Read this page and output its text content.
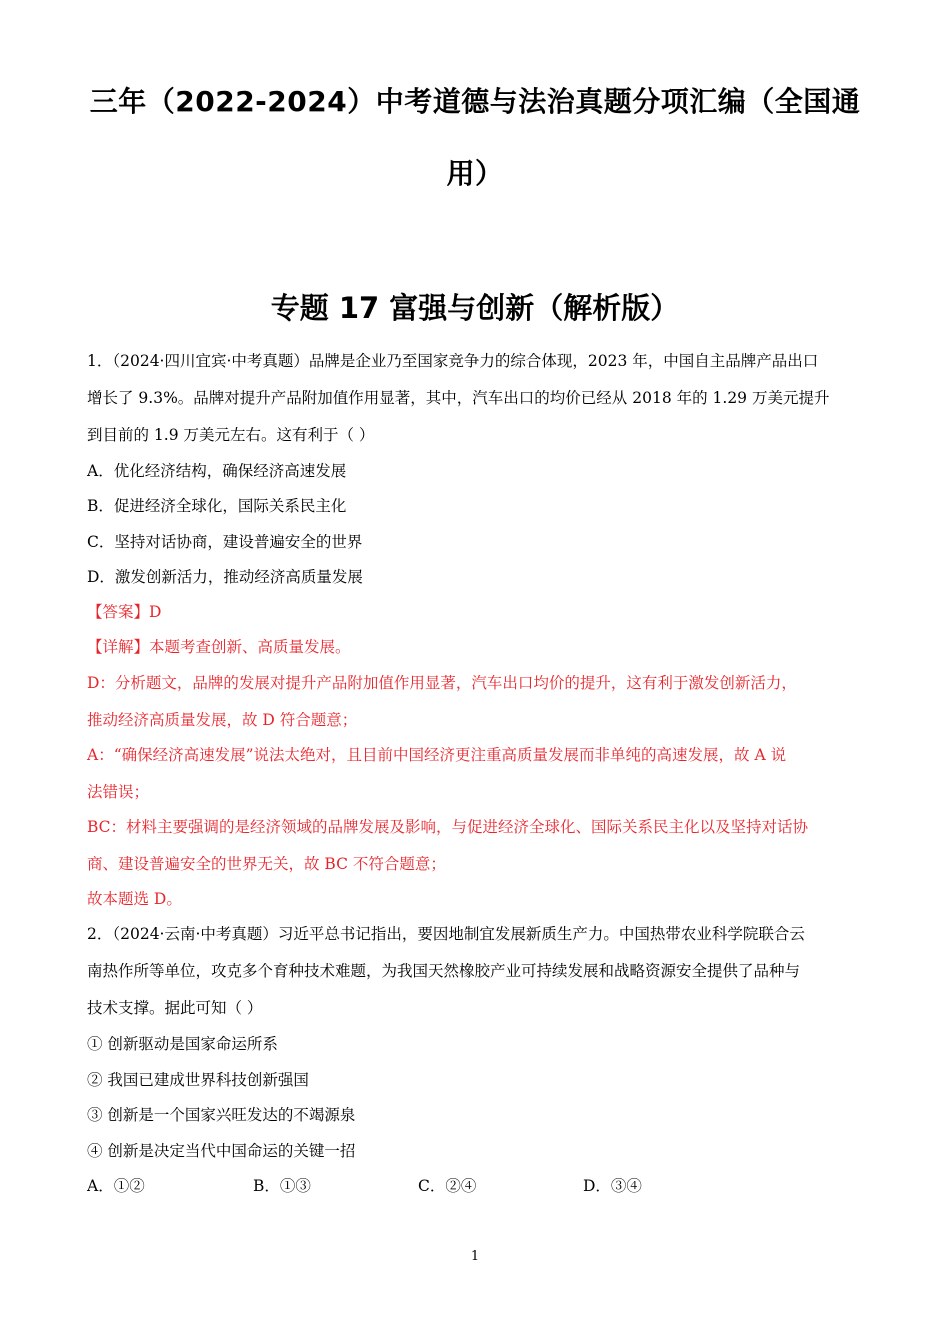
三年（2022-2024）中考道德与法治真题分项汇编（全国通
用）
专题 17 富强与创新（解析版）
1．（2024·四川宜宾·中考真题）品牌是企业乃至国家竞争力的综合体现，2023 年，中国自主品牌产品出口
增长了 9.3%。品牌对提升产品附加值作用显著，其中，汽车出口的均价已经从 2018 年的 1.29 万美元提升
到目前的 1.9 万美元左右。这有利于（ ）
A．优化经济结构，确保经济高速发展
B．促进经济全球化，国际关系民主化
C．坚持对话协商，建设普遍安全的世界
D．激发创新活力，推动经济高质量发展
【答案】D
【详解】本题考查创新、高质量发展。
D：分析题文，品牌的发展对提升产品附加值作用显著，汽车出口均价的提升，这有利于激发创新活力，
推动经济高质量发展，故 D 符合题意；
A：“确保经济高速发展”说法太绝对，且目前中国经济更注重高质量发展而非单纯的高速发展，故 A 说
法错误；
BC：材料主要强调的是经济领域的品牌发展及影响，与促进经济全球化、国际关系民主化以及坚持对话协
商、建设普遍安全的世界无关，故 BC 不符合题意；
故本题选 D。
2．（2024·云南·中考真题）习近平总书记指出，要因地制宜发展新质生产力。中国热带农业科学院联合云
南热作所等单位，攻克多个育种技术难题，为我国天然橡胶产业可持续发展和战略资源安全提供了品种与
技术支撑。据此可知（ ）
① 创新驱动是国家命运所系
② 我国已建成世界科技创新强国
③ 创新是一个国家兴旺发达的不竭源泉
④ 创新是决定当代中国命运的关键一招
A．①②	B．①③	C．②④	D．③④
1
